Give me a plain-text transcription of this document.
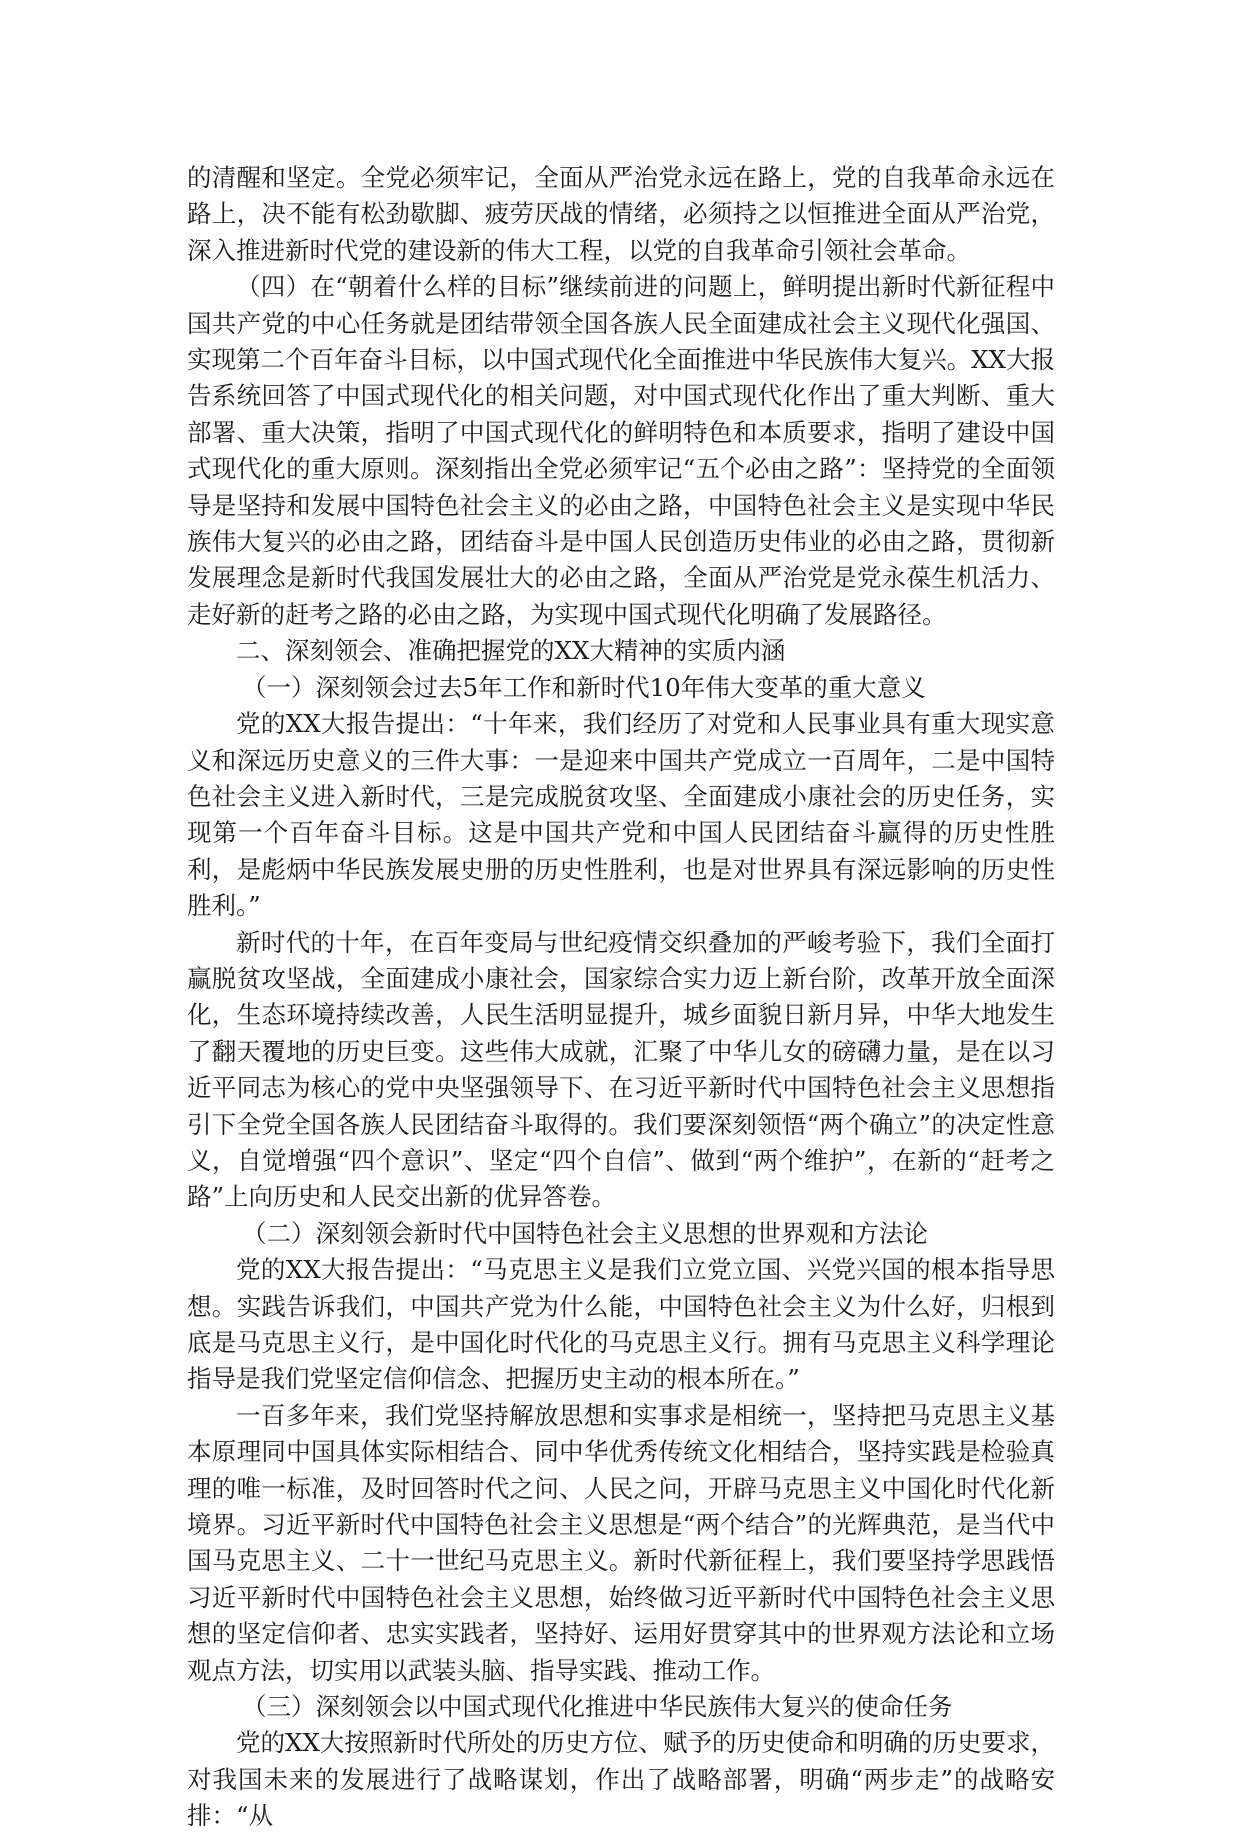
的清醒和坚定。全党必须牢记，全面从严治党永远在路上，党的自我革命永远在路上，决不能有松劲歇脚、疲劳厌战的情绪，必须持之以恒推进全面从严治党，深入推进新时代党的建设新的伟大工程，以党的自我革命引领社会革命。

（四）在“朝着什么样的目标”继续前进的问题上，鲜明提出新时代新征程中国共产党的中心任务就是团结带领全国各族人民全面建成社会主义现代化强国、实现第二个百年奋斗目标，以中国式现代化全面推进中华民族伟大复兴。XX大报告系统回答了中国式现代化的相关问题，对中国式现代化作出了重大判断、重大部署、重大决策，指明了中国式现代化的鲜明特色和本质要求，指明了建设中国式现代化的重大原则。深刻指出全党必须牢记“五个必由之路”：坚持党的全面领导是坚持和发展中国特色社会主义的必由之路，中国特色社会主义是实现中华民族伟大复兴的必由之路，团结奋斗是中国人民创造历史伟业的必由之路，贯彻新发展理念是新时代我国发展壮大的必由之路，全面从严治党是党永葆生机活力、走好新的赶考之路的必由之路，为实现中国式现代化明确了发展路径。

二、深刻领会、准确把握党的XX大精神的实质内涵

（一）深刻领会过去5年工作和新时代10年伟大变革的重大意义

党的XX大报告提出：“十年来，我们经历了对党和人民事业具有重大现实意义和深远历史意义的三件大事：一是迎来中国共产党成立一百周年，二是中国特色社会主义进入新时代，三是完成脱贫攻坚、全面建成小康社会的历史任务，实现第一个百年奋斗目标。这是中国共产党和中国人民团结奋斗赢得的历史性胜利，是彪炳中华民族发展史册的历史性胜利，也是对世界具有深远影响的历史性胜利。”

新时代的十年，在百年变局与世纪疫情交织叠加的严峻考验下，我们全面打赢脱贫攻坚战，全面建成小康社会，国家综合实力迈上新台阶，改革开放全面深化，生态环境持续改善，人民生活明显提升，城乡面貌日新月异，中华大地发生了翻天覆地的历史巨变。这些伟大成就，汇聚了中华儿女的磅礴力量，是在以习近平同志为核心的党中央坚强领导下、在习近平新时代中国特色社会主义思想指引下全党全国各族人民团结奋斗取得的。我们要深刻领悟“两个确立”的决定性意义，自觉增强“四个意识”、坚定“四个自信”、做到“两个维护”，在新的“赶考之路”上向历史和人民交出新的优异答卷。

（二）深刻领会新时代中国特色社会主义思想的世界观和方法论

党的XX大报告提出：“马克思主义是我们立党立国、兴党兴国的根本指导思想。实践告诉我们，中国共产党为什么能，中国特色社会主义为什么好，归根到底是马克思主义行，是中国化时代化的马克思主义行。拥有马克思主义科学理论指导是我们党坚定信仰信念、把握历史主动的根本所在。”

一百多年来，我们党坚持解放思想和实事求是相统一，坚持把马克思主义基本原理同中国具体实际相结合、同中华优秀传统文化相结合，坚持实践是检验真理的唯一标准，及时回答时代之问、人民之问，开辟马克思主义中国化时代化新境界。习近平新时代中国特色社会主义思想是“两个结合”的光辉典范，是当代中国马克思主义、二十一世纪马克思主义。新时代新征程上，我们要坚持学思践悟习近平新时代中国特色社会主义思想，始终做习近平新时代中国特色社会主义思想的坚定信仰者、忠实实践者，坚持好、运用好贯穿其中的世界观方法论和立场观点方法，切实用以武装头脑、指导实践、推动工作。

（三）深刻领会以中国式现代化推进中华民族伟大复兴的使命任务

党的XX大按照新时代所处的历史方位、赋予的历史使命和明确的历史要求，对我国未来的发展进行了战略谋划，作出了战略部署，明确“两步走”的战略安排：“从
